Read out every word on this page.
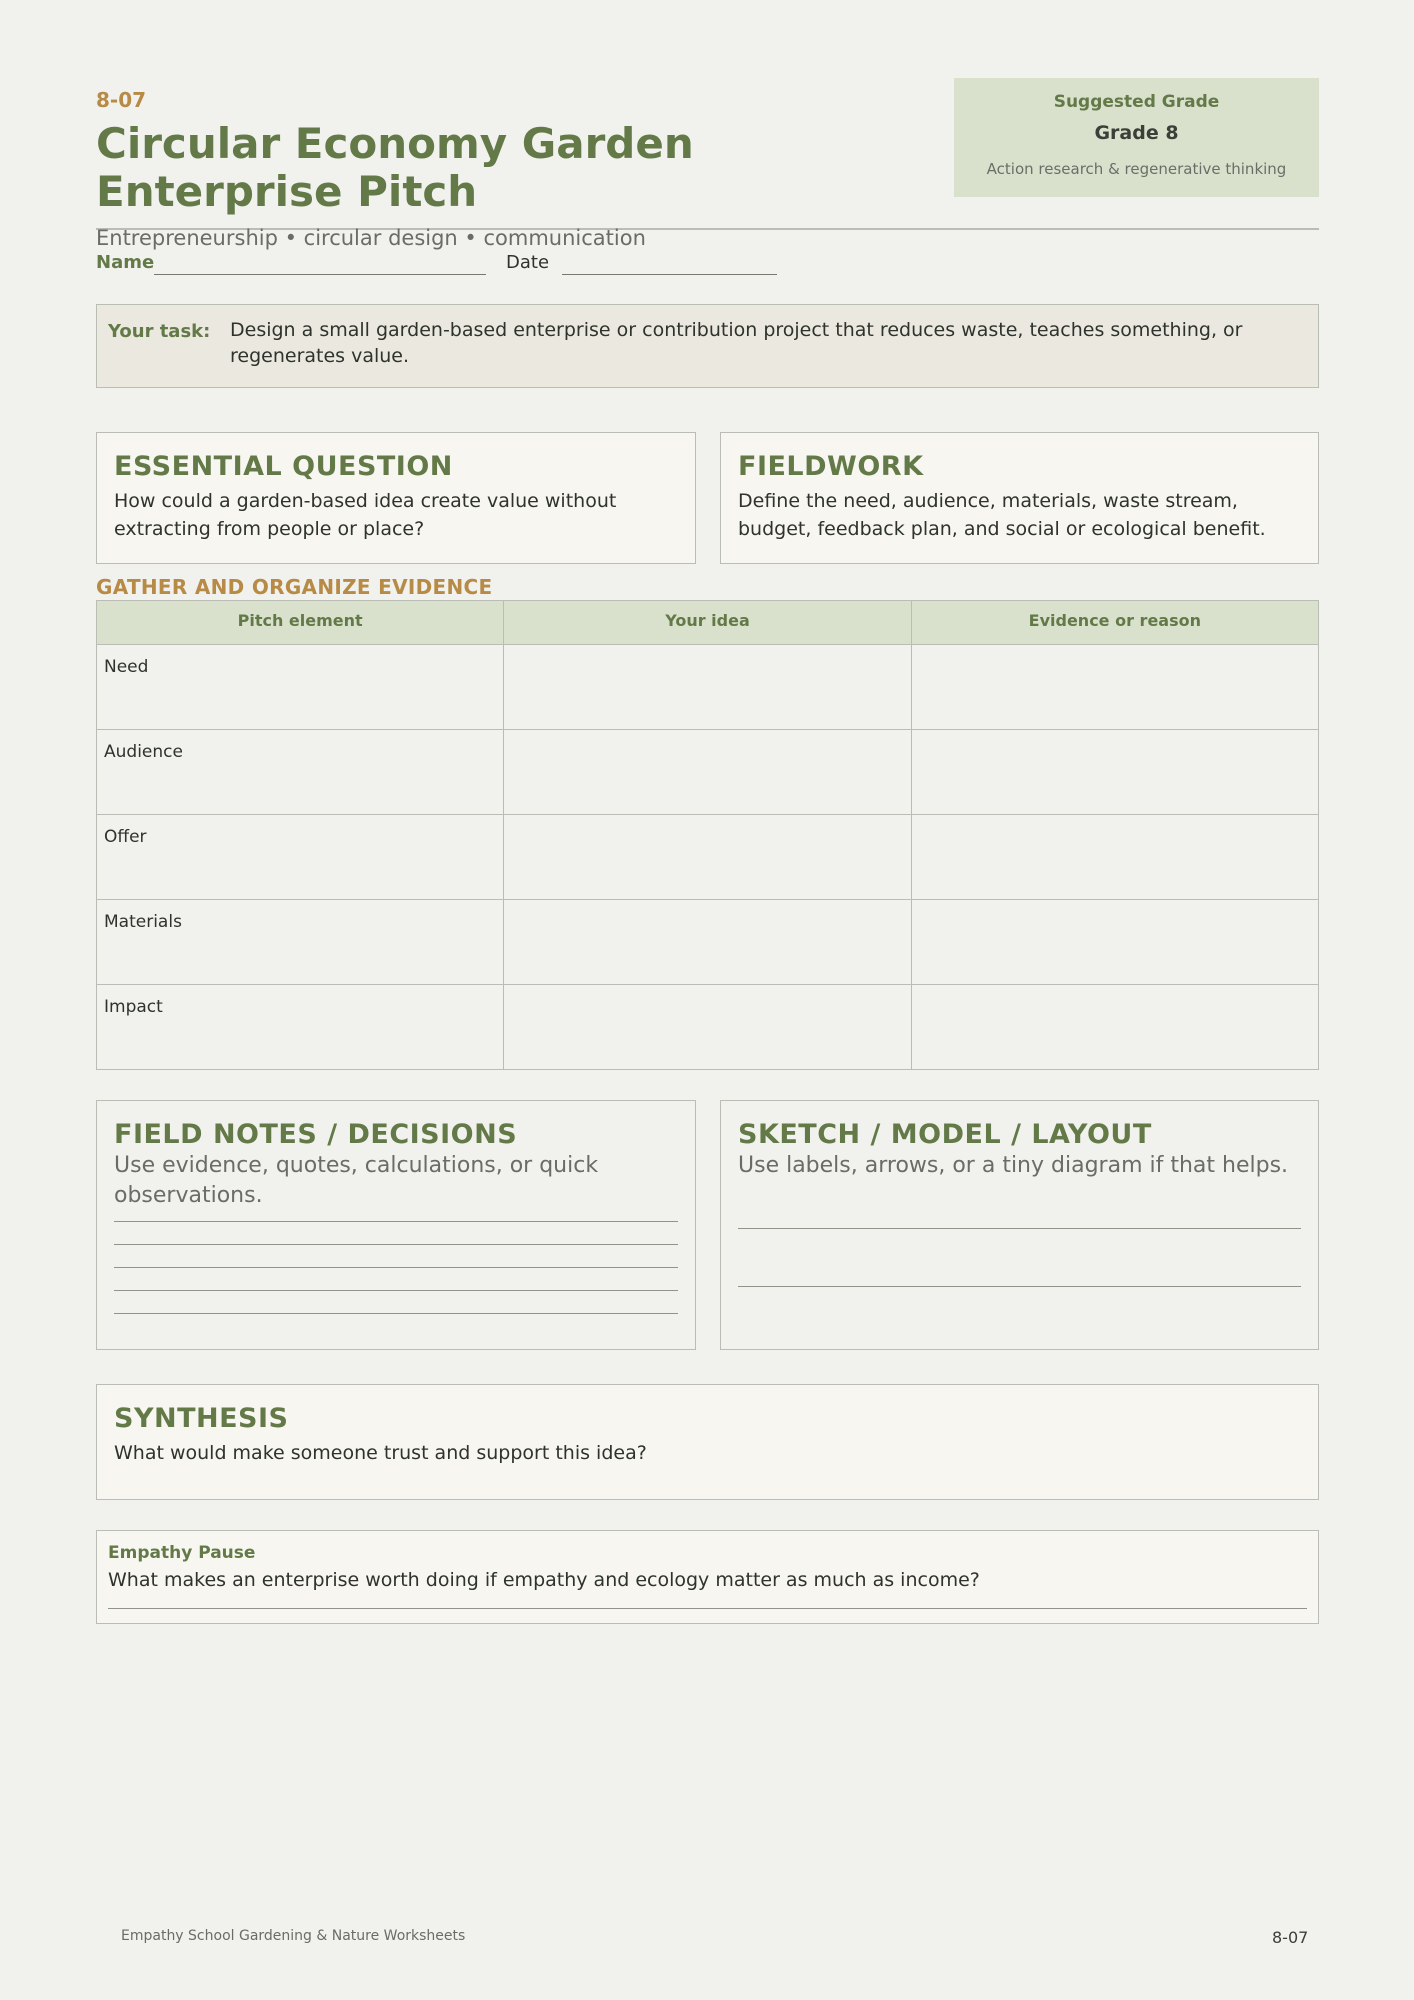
8-07
Circular Economy Garden Enterprise Pitch
Suggested Grade
Grade 8
Action research & regenerative thinking
Entrepreneurship • circular design • communication
Name	Date
Your task: Design a small garden-based enterprise or contribution project that reduces waste, teaches something, or regenerates value.
ESSENTIAL QUESTION
How could a garden-based idea create value without extracting from people or place?
FIELDWORK
Define the need, audience, materials, waste stream, budget, feedback plan, and social or ecological benefit.
GATHER AND ORGANIZE EVIDENCE
Pitch element	Your idea	Evidence or reason
Need		
Audience		
Offer		
Materials		
Impact		
FIELD NOTES / DECISIONS
Use evidence, quotes, calculations, or quick observations.
SKETCH / MODEL / LAYOUT
Use labels, arrows, or a tiny diagram if that helps.
SYNTHESIS
What would make someone trust and support this idea?
Empathy Pause
What makes an enterprise worth doing if empathy and ecology matter as much as income?
Empathy School Gardening & Nature Worksheets	8-07
